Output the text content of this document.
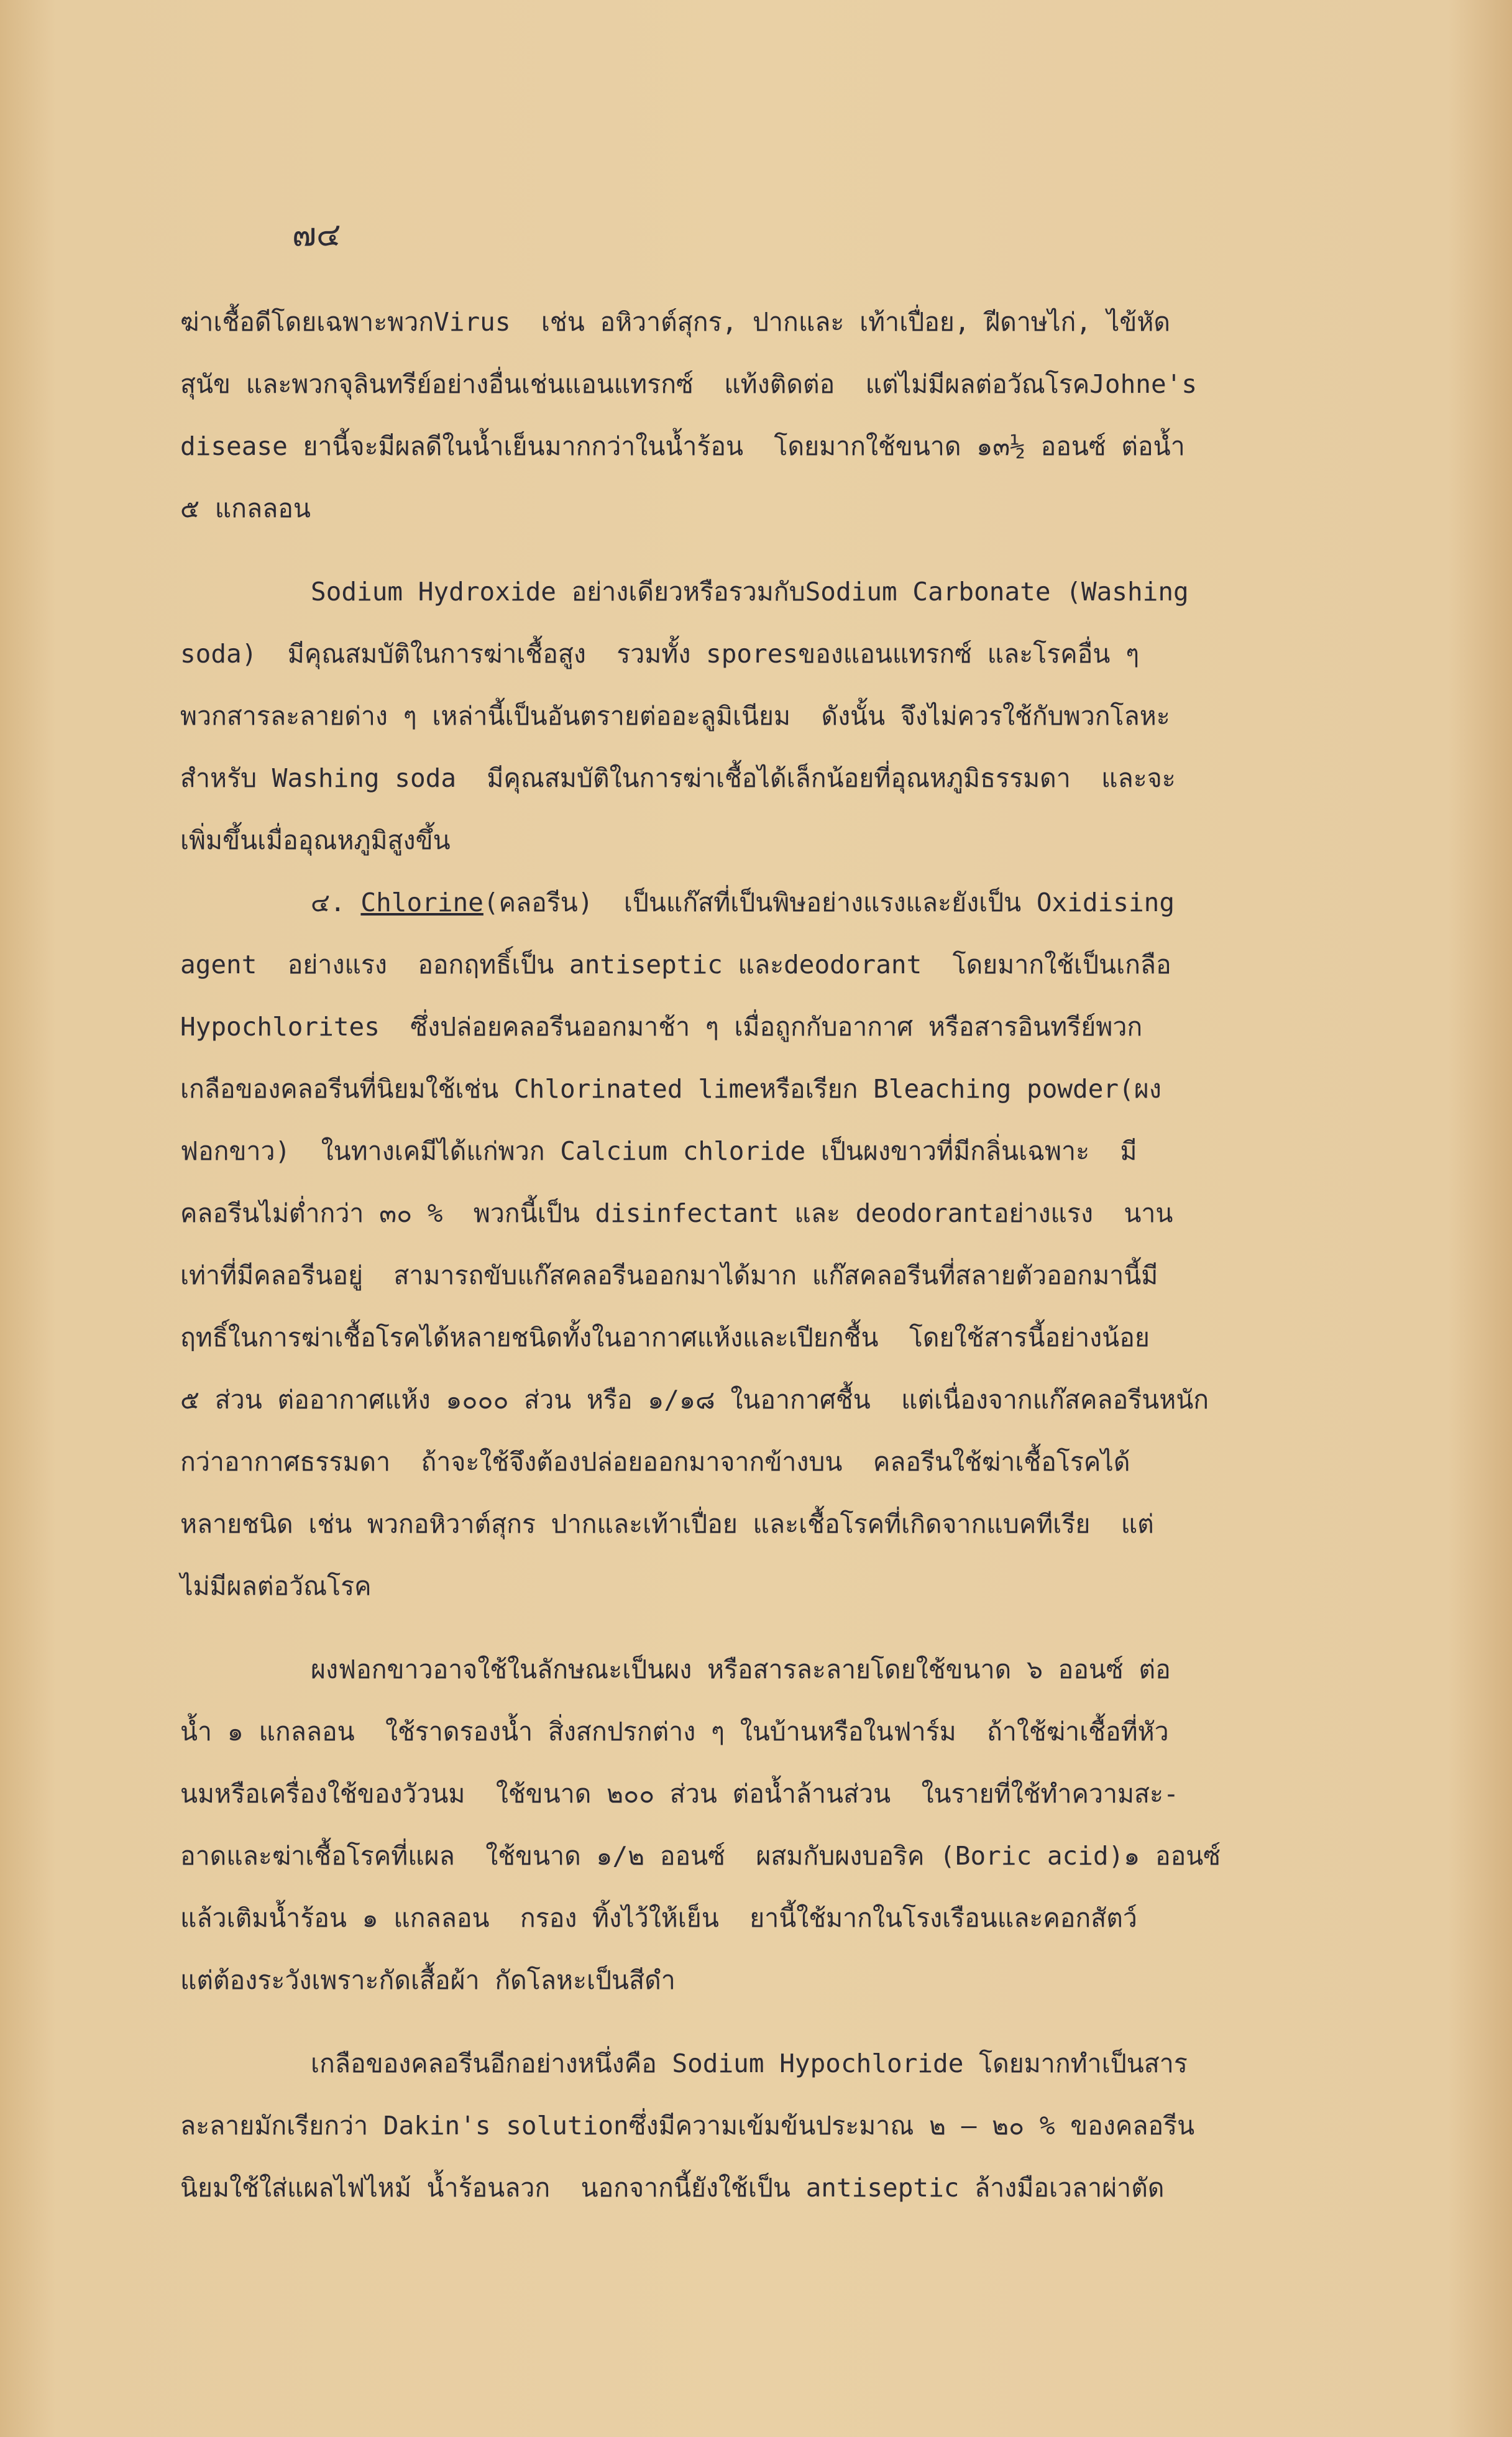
๗๔
ฆ่าเชื้อดีโดยเฉพาะพวกVirus  เช่น อหิวาต์สุกร, ปากและ เท้าเปื่อย, ฝีดาษไก่, ไข้หัด
สุนัข และพวกจุลินทรีย์อย่างอื่นเช่นแอนแทรกซ์  แท้งติดต่อ  แต่ไม่มีผลต่อวัณโรคJohne's
disease ยานี้จะมีผลดีในน้ำเย็นมากกว่าในน้ำร้อน  โดยมากใช้ขนาด ๑๓½ ออนซ์ ต่อน้ำ
๕ แกลลอน
Sodium Hydroxide อย่างเดียวหรือรวมกับSodium Carbonate (Washing
soda)  มีคุณสมบัติในการฆ่าเชื้อสูง  รวมทั้ง sporesของแอนแทรกซ์ และโรคอื่น ๆ
พวกสารละลายด่าง ๆ เหล่านี้เป็นอันตรายต่ออะลูมิเนียม  ดังนั้น จึงไม่ควรใช้กับพวกโลหะ
สำหรับ Washing soda  มีคุณสมบัติในการฆ่าเชื้อได้เล็กน้อยที่อุณหภูมิธรรมดา  และจะ
เพิ่มขึ้นเมื่ออุณหภูมิสูงขึ้น
๔. Chlorine(คลอรีน)  เป็นแก๊สที่เป็นพิษอย่างแรงและยังเป็น Oxidising
agent  อย่างแรง  ออกฤทธิ์เป็น antiseptic และdeodorant  โดยมากใช้เป็นเกลือ
Hypochlorites  ซึ่งปล่อยคลอรีนออกมาช้า ๆ เมื่อถูกกับอากาศ หรือสารอินทรีย์พวก
เกลือของคลอรีนที่นิยมใช้เช่น Chlorinated limeหรือเรียก Bleaching powder(ผง
ฟอกขาว)  ในทางเคมีได้แก่พวก Calcium chloride เป็นผงขาวที่มีกลิ่นเฉพาะ  มี
คลอรีนไม่ต่ำกว่า ๓๐ %  พวกนี้เป็น disinfectant และ deodorantอย่างแรง  นาน
เท่าที่มีคลอรีนอยู่  สามารถขับแก๊สคลอรีนออกมาได้มาก แก๊สคลอรีนที่สลายตัวออกมานี้มี
ฤทธิ์ในการฆ่าเชื้อโรคได้หลายชนิดทั้งในอากาศแห้งและเปียกชื้น  โดยใช้สารนี้อย่างน้อย
๕ ส่วน ต่ออากาศแห้ง ๑๐๐๐ ส่วน หรือ ๑/๑๘ ในอากาศชื้น  แต่เนื่องจากแก๊สคลอรีนหนัก
กว่าอากาศธรรมดา  ถ้าจะใช้จึงต้องปล่อยออกมาจากข้างบน  คลอรีนใช้ฆ่าเชื้อโรคได้
หลายชนิด เช่น พวกอหิวาต์สุกร ปากและเท้าเปื่อย และเชื้อโรคที่เกิดจากแบคทีเรีย  แต่
ไม่มีผลต่อวัณโรค
ผงฟอกขาวอาจใช้ในลักษณะเป็นผง หรือสารละลายโดยใช้ขนาด ๖ ออนซ์ ต่อ
น้ำ ๑ แกลลอน  ใช้ราดรองน้ำ สิ่งสกปรกต่าง ๆ ในบ้านหรือในฟาร์ม  ถ้าใช้ฆ่าเชื้อที่หัว
นมหรือเครื่องใช้ของวัวนม  ใช้ขนาด ๒๐๐ ส่วน ต่อน้ำล้านส่วน  ในรายที่ใช้ทำความสะ-
อาดและฆ่าเชื้อโรคที่แผล  ใช้ขนาด ๑/๒ ออนซ์  ผสมกับผงบอริค (Boric acid)๑ ออนซ์
แล้วเติมน้ำร้อน ๑ แกลลอน  กรอง ทิ้งไว้ให้เย็น  ยานี้ใช้มากในโรงเรือนและคอกสัตว์
แต่ต้องระวังเพราะกัดเสื้อผ้า กัดโลหะเป็นสีดำ
เกลือของคลอรีนอีกอย่างหนึ่งคือ Sodium Hypochloride โดยมากทำเป็นสาร
ละลายมักเรียกว่า Dakin's solutionซึ่งมีความเข้มข้นประมาณ ๒ – ๒๐ % ของคลอรีน
นิยมใช้ใส่แผลไฟไหม้ น้ำร้อนลวก  นอกจากนี้ยังใช้เป็น antiseptic ล้างมือเวลาผ่าตัด
